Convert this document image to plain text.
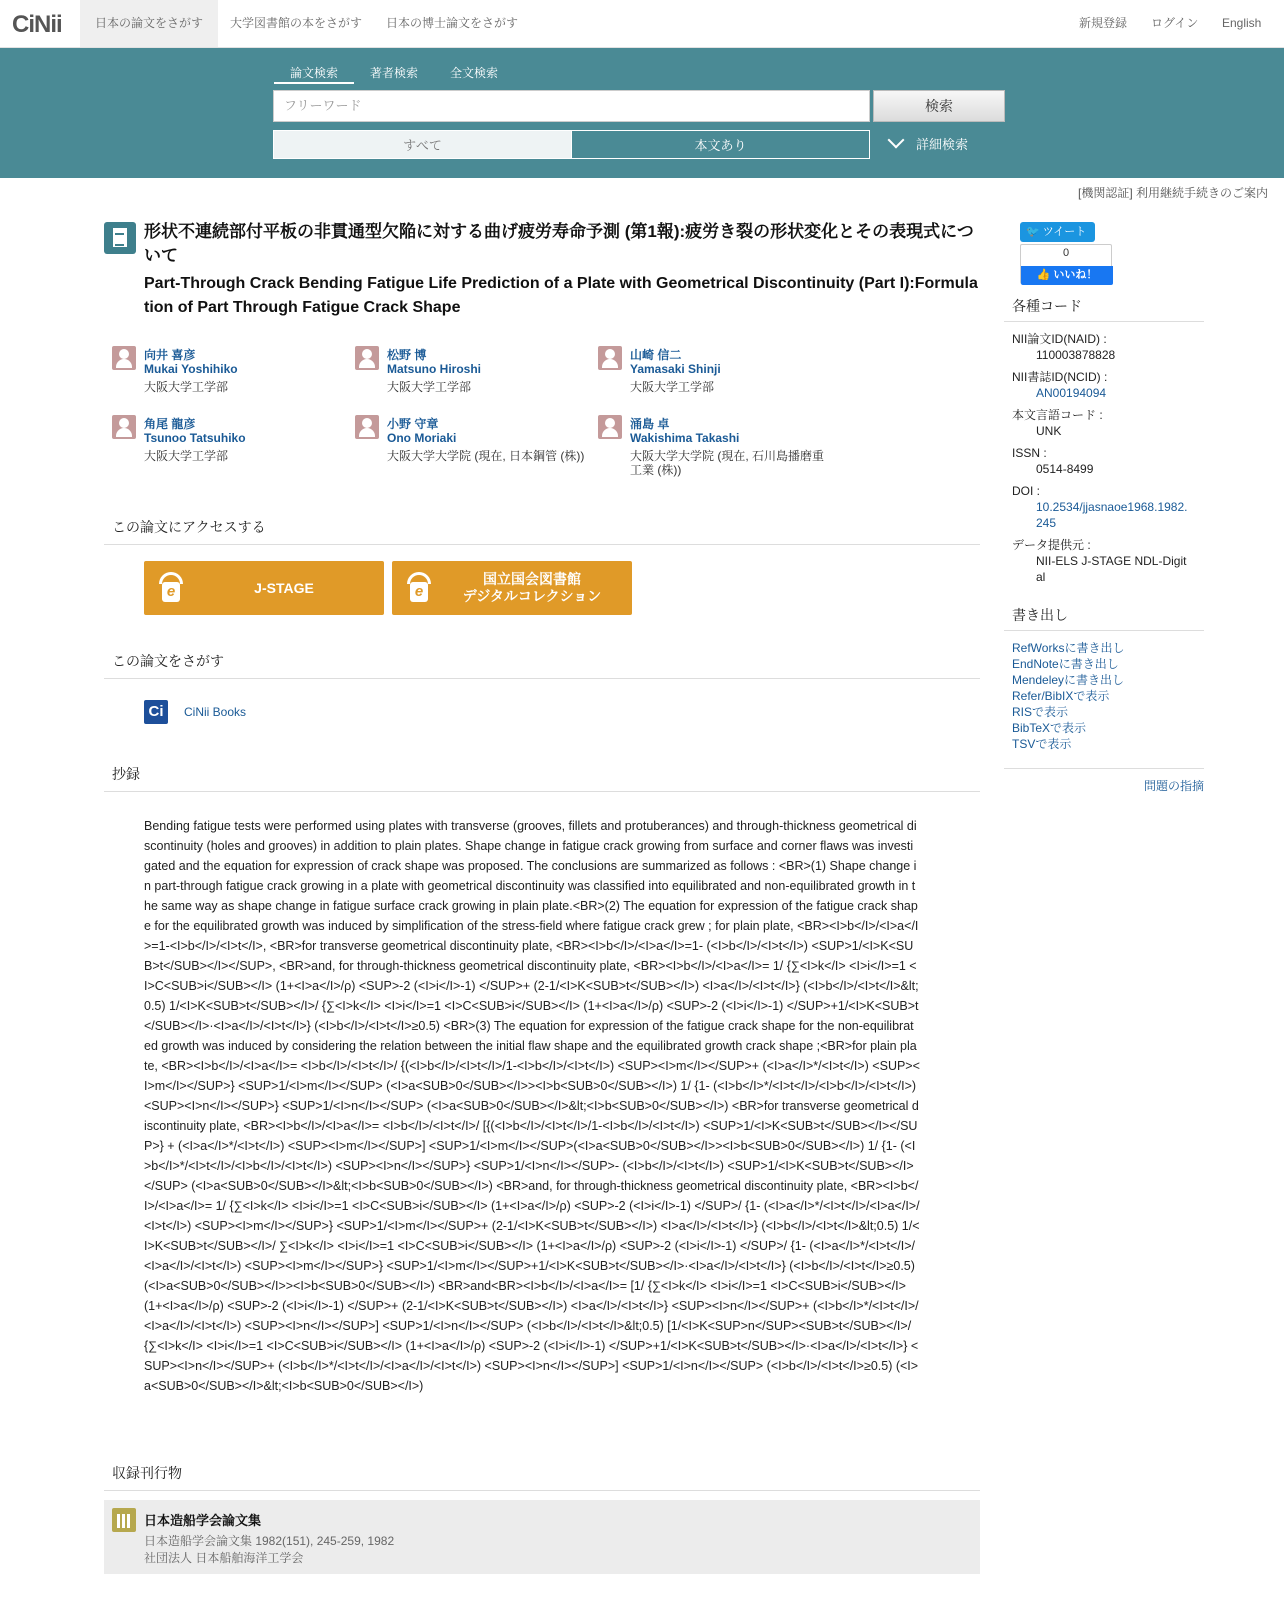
CiNii	日本の論文をさがす	大学図書館の本をさがす	日本の博士論文をさがす	新規登録 ログイン English
論文検索	著者検索	全文検索
フリーワード	検索
すべて	本文あり	詳細検索
[機関認証] 利用継続手続きのご案内
形状不連続部付平板の非貫通型欠陥に対する曲げ疲労寿命予測 (第1報):疲労き裂の形状変化とその表現式について
Part-Through Crack Bending Fatigue Life Prediction of a Plate with Geometrical Discontinuity (Part I):Formulation of Part Through Fatigue Crack Shape
向井 喜彦
Mukai Yoshihiko
大阪大学工学部
松野 博
Matsuno Hiroshi
大阪大学工学部
山崎 信二
Yamasaki Shinji
大阪大学工学部
角尾 龍彦
Tsunoo Tatsuhiko
大阪大学工学部
小野 守章
Ono Moriaki
大阪大学大学院 (現在, 日本鋼管 (株))
涌島 卓
Wakishima Takashi
大阪大学大学院 (現在, 石川島播磨重工業 (株))
この論文にアクセスする
e	J-STAGE	e
国立国会図書館
デジタルコレクション
この論文をさがす
Ci	CiNii Books
抄録
Bending fatigue tests were performed using plates with transverse (grooves, fillets and protuberances) and through-thickness geometrical discontinuity (holes and grooves) in addition to plain plates. Shape change in fatigue crack growing from surface and corner flaws was investigated and the equation for expression of crack shape was proposed. The conclusions are summarized as follows : <BR>(1) Shape change in part-through fatigue crack growing in a plate with geometrical discontinuity was classified into equilibrated and non-equilibrated growth in the same way as shape change in fatigue surface crack growing in plain plate.<BR>(2) The equation for expression of the fatigue crack shape for the equilibrated growth was induced by simplification of the stress-field where fatigue crack grew ; for plain plate, <BR><I>b</I>/<I>a</I>=1-<I>b</I>/<I>t</I>, <BR>for transverse geometrical discontinuity plate, <BR><I>b</I>/<I>a</I>=1- (<I>b</I>/<I>t</I>) <SUP>1/<I>K<SUB>t</SUB></I></SUP>, <BR>and, for through-thickness geometrical discontinuity plate, <BR><I>b</I>/<I>a</I>= 1/ {∑<I>k</I> <I>i</I>=1 <I>C<SUB>i</SUB></I> (1+<I>a</I>/ρ) <SUP>-2 (<I>i</I>-1) </SUP>+ (2-1/<I>K<SUB>t</SUB></I>) <I>a</I>/<I>t</I>} (<I>b</I>/<I>t</I>&lt;0.5) 1/<I>K<SUB>t</SUB></I>/ {∑<I>k</I> <I>i</I>=1 <I>C<SUB>i</SUB></I> (1+<I>a</I>/ρ) <SUP>-2 (<I>i</I>-1) </SUP>+1/<I>K<SUB>t</SUB></I>·<I>a</I>/<I>t</I>} (<I>b</I>/<I>t</I>≥0.5) <BR>(3) The equation for expression of the fatigue crack shape for the non-equilibrated growth was induced by considering the relation between the initial flaw shape and the equilibrated growth crack shape ;<BR>for plain plate, <BR><I>b</I>/<I>a</I>= <I>b</I>/<I>t</I>/ {(<I>b</I>/<I>t</I>/1-<I>b</I>/<I>t</I>) <SUP><I>m</I></SUP>+ (<I>a</I>*/<I>t</I>) <SUP><I>m</I></SUP>} <SUP>1/<I>m</I></SUP> (<I>a<SUB>0</SUB></I>><I>b<SUB>0</SUB></I>) 1/ {1- (<I>b</I>*/<I>t</I>/<I>b</I>/<I>t</I>) <SUP><I>n</I></SUP>} <SUP>1/<I>n</I></SUP> (<I>a<SUB>0</SUB></I>&lt;<I>b<SUB>0</SUB></I>) <BR>for transverse geometrical discontinuity plate, <BR><I>b</I>/<I>a</I>= <I>b</I>/<I>t</I>/ [{(<I>b</I>/<I>t</I>/1-<I>b</I>/<I>t</I>) <SUP>1/<I>K<SUB>t</SUB></I></SUP>} + (<I>a</I>*/<I>t</I>) <SUP><I>m</I></SUP>] <SUP>1/<I>m</I></SUP>(<I>a<SUB>0</SUB></I>><I>b<SUB>0</SUB></I>) 1/ {1- (<I>b</I>*/<I>t</I>/<I>b</I>/<I>t</I>) <SUP><I>n</I></SUP>} <SUP>1/<I>n</I></SUP>- (<I>b</I>/<I>t</I>) <SUP>1/<I>K<SUB>t</SUB></I></SUP> (<I>a<SUB>0</SUB></I>&lt;<I>b<SUB>0</SUB></I>) <BR>and, for through-thickness geometrical discontinuity plate, <BR><I>b</I>/<I>a</I>= 1/ {∑<I>k</I> <I>i</I>=1 <I>C<SUB>i</SUB></I> (1+<I>a</I>/ρ) <SUP>-2 (<I>i</I>-1) </SUP>/ {1- (<I>a</I>*/<I>t</I>/<I>a</I>/<I>t</I>) <SUP><I>m</I></SUP>} <SUP>1/<I>m</I></SUP>+ (2-1/<I>K<SUB>t</SUB></I>) <I>a</I>/<I>t</I>} (<I>b</I>/<I>t</I>&lt;0.5) 1/<I>K<SUB>t</SUB></I>/ ∑<I>k</I> <I>i</I>=1 <I>C<SUB>i</SUB></I> (1+<I>a</I>/ρ) <SUP>-2 (<I>i</I>-1) </SUP>/ {1- (<I>a</I>*/<I>t</I>/<I>a</I>/<I>t</I>) <SUP><I>m</I></SUP>} <SUP>1/<I>m</I></SUP>+1/<I>K<SUB>t</SUB></I>·<I>a</I>/<I>t</I>} (<I>b</I>/<I>t</I>≥0.5) (<I>a<SUB>0</SUB></I>><I>b<SUB>0</SUB></I>) <BR>and<BR><I>b</I>/<I>a</I>= [1/ {∑<I>k</I> <I>i</I>=1 <I>C<SUB>i</SUB></I> (1+<I>a</I>/ρ) <SUP>-2 (<I>i</I>-1) </SUP>+ (2-1/<I>K<SUB>t</SUB></I>) <I>a</I>/<I>t</I>} <SUP><I>n</I></SUP>+ (<I>b</I>*/<I>t</I>/<I>a</I>/<I>t</I>) <SUP><I>n</I></SUP>] <SUP>1/<I>n</I></SUP> (<I>b</I>/<I>t</I>&lt;0.5) [1/<I>K<SUP>n</SUP><SUB>t</SUB></I>/ {∑<I>k</I> <I>i</I>=1 <I>C<SUB>i</SUB></I> (1+<I>a</I>/ρ) <SUP>-2 (<I>i</I>-1) </SUP>+1/<I>K<SUB>t</SUB></I>·<I>a</I>/<I>t</I>} <SUP><I>n</I></SUP>+ (<I>b</I>*/<I>t</I>/<I>a</I>/<I>t</I>) <SUP><I>n</I></SUP>] <SUP>1/<I>n</I></SUP> (<I>b</I>/<I>t</I>≥0.5) (<I>a<SUB>0</SUB></I>&lt;<I>b<SUB>0</SUB></I>)
収録刊行物
日本造船学会論文集
日本造船学会論文集 1982(151), 245-259, 1982
社団法人 日本船舶海洋工学会
🐦 ツイート
0
👍 いいね！
各種コード
NII論文ID(NAID) :
110003878828
NII書誌ID(NCID) :
AN00194094
本文言語コード :
UNK
ISSN :
0514-8499
DOI :
10.2534/jjasnaoe1968.1982.245
データ提供元 :
NII-ELS J-STAGE NDL-Digital
書き出し
RefWorksに書き出し
EndNoteに書き出し
Mendeleyに書き出し
Refer/BibIXで表示
RISで表示
BibTeXで表示
TSVで表示
問題の指摘
